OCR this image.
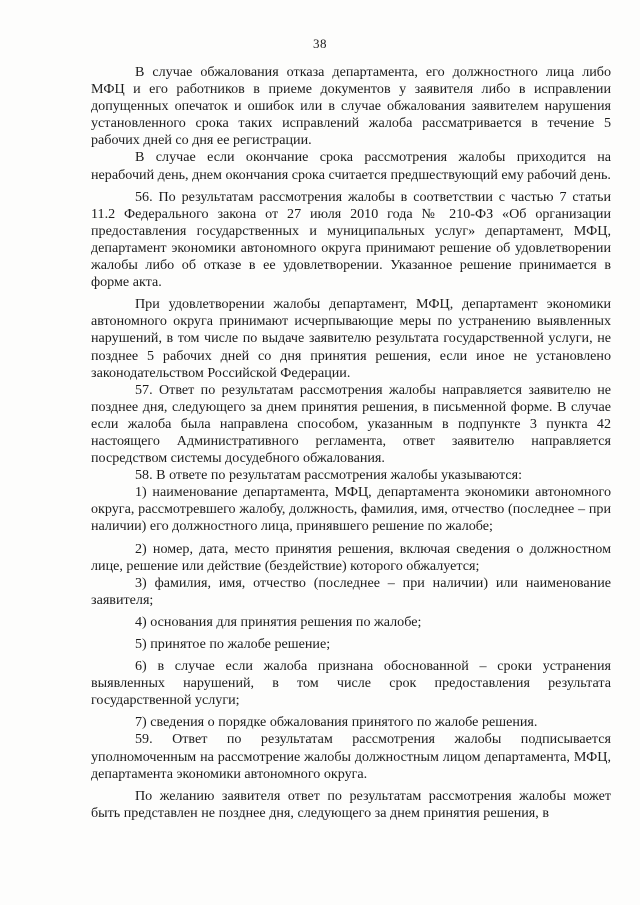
38

В случае обжалования отказа департамента, его должностного лица либо МФЦ и его работников в приеме документов у заявителя либо в исправлении допущенных опечаток и ошибок или в случае обжалования заявителем нарушения установленного срока таких исправлений жалоба рассматривается в течение 5 рабочих дней со дня ее регистрации.

В случае если окончание срока рассмотрения жалобы приходится на нерабочий день, днем окончания срока считается предшествующий ему рабочий день.

56. По результатам рассмотрения жалобы в соответствии с частью 7 статьи 11.2 Федерального закона от 27 июля 2010 года № 210-ФЗ «Об организации предоставления государственных и муниципальных услуг» департамент, МФЦ, департамент экономики автономного округа принимают решение об удовлетворении жалобы либо об отказе в ее удовлетворении. Указанное решение принимается в форме акта.

При удовлетворении жалобы департамент, МФЦ, департамент экономики автономного округа принимают исчерпывающие меры по устранению выявленных нарушений, в том числе по выдаче заявителю результата государственной услуги, не позднее 5 рабочих дней со дня принятия решения, если иное не установлено законодательством Российской Федерации.

57. Ответ по результатам рассмотрения жалобы направляется заявителю не позднее дня, следующего за днем принятия решения, в письменной форме. В случае если жалоба была направлена способом, указанным в подпункте 3 пункта 42 настоящего Административного регламента, ответ заявителю направляется посредством системы досудебного обжалования.

58. В ответе по результатам рассмотрения жалобы указываются:

1) наименование департамента, МФЦ, департамента экономики автономного округа, рассмотревшего жалобу, должность, фамилия, имя, отчество (последнее – при наличии) его должностного лица, принявшего решение по жалобе;

2) номер, дата, место принятия решения, включая сведения о должностном лице, решение или действие (бездействие) которого обжалуется;

3) фамилия, имя, отчество (последнее – при наличии) или наименование заявителя;

4) основания для принятия решения по жалобе;

5) принятое по жалобе решение;

6) в случае если жалоба признана обоснованной – сроки устранения выявленных нарушений, в том числе срок предоставления результата государственной услуги;

7) сведения о порядке обжалования принятого по жалобе решения.

59. Ответ по результатам рассмотрения жалобы подписывается уполномоченным на рассмотрение жалобы должностным лицом департамента, МФЦ, департамента экономики автономного округа.

По желанию заявителя ответ по результатам рассмотрения жалобы может быть представлен не позднее дня, следующего за днем принятия решения, в
